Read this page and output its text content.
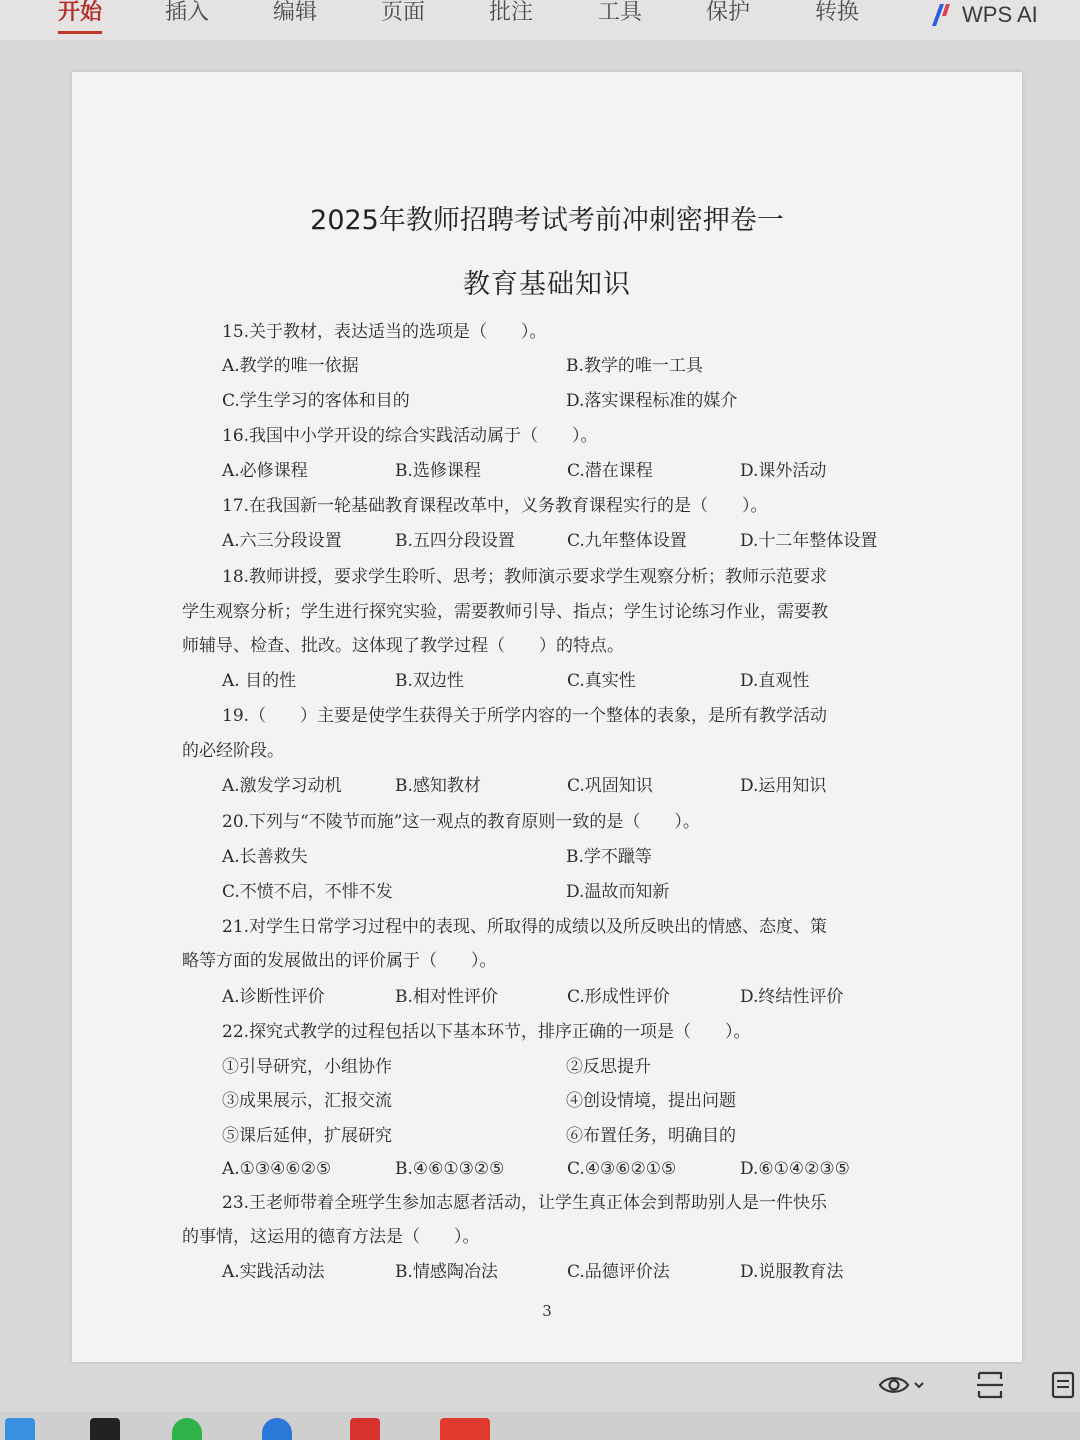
开始	插入	编辑	页面	批注	工具	保护	转换	WPS AI
2025年教师招聘考试考前冲刺密押卷一
教育基础知识
15.关于教材，表达适当的选项是（　　）。
A.教学的唯一依据	B.教学的唯一工具
C.学生学习的客体和目的	D.落实课程标准的媒介
16.我国中小学开设的综合实践活动属于（　　）。
A.必修课程	B.选修课程	C.潜在课程	D.课外活动
17.在我国新一轮基础教育课程改革中，义务教育课程实行的是（　　）。
A.六三分段设置	B.五四分段设置	C.九年整体设置	D.十二年整体设置
18.教师讲授，要求学生聆听、思考；教师演示要求学生观察分析；教师示范要求
学生观察分析；学生进行探究实验，需要教师引导、指点；学生讨论练习作业，需要教
师辅导、检查、批改。这体现了教学过程（　　）的特点。
A. 目的性	B.双边性	C.真实性	D.直观性
19.（　　）主要是使学生获得关于所学内容的一个整体的表象，是所有教学活动
的必经阶段。
A.激发学习动机	B.感知教材	C.巩固知识	D.运用知识
20.下列与“不陵节而施”这一观点的教育原则一致的是（　　）。
A.长善救失	B.学不躐等
C.不愤不启，不悱不发	D.温故而知新
21.对学生日常学习过程中的表现、所取得的成绩以及所反映出的情感、态度、策
略等方面的发展做出的评价属于（　　）。
A.诊断性评价	B.相对性评价	C.形成性评价	D.终结性评价
22.探究式教学的过程包括以下基本环节，排序正确的一项是（　　）。
①引导研究，小组协作	②反思提升
③成果展示，汇报交流	④创设情境，提出问题
⑤课后延伸，扩展研究	⑥布置任务，明确目的
A.①③④⑥②⑤	B.④⑥①③②⑤	C.④③⑥②①⑤	D.⑥①④②③⑤
23.王老师带着全班学生参加志愿者活动，让学生真正体会到帮助别人是一件快乐
的事情，这运用的德育方法是（　　）。
A.实践活动法	B.情感陶冶法	C.品德评价法	D.说服教育法
3
